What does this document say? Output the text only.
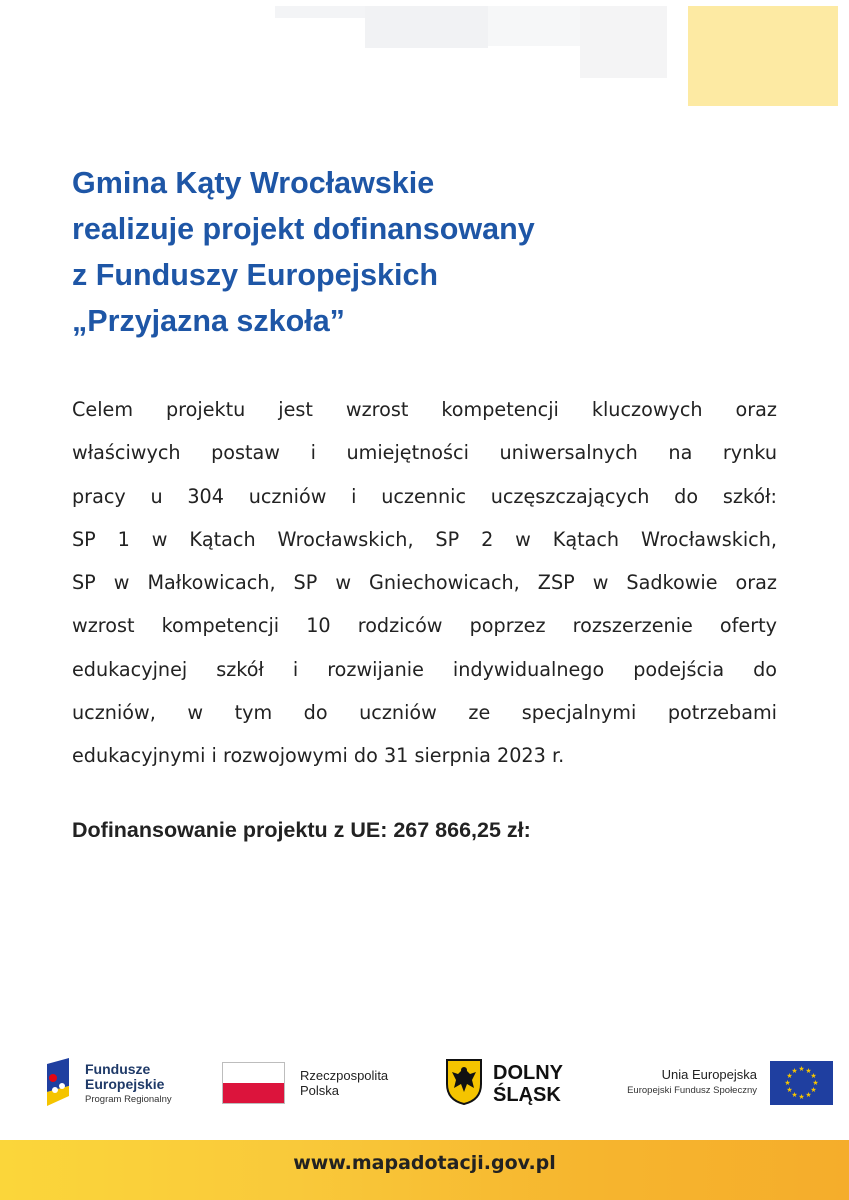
Gmina Kąty Wrocławskie
realizuje projekt dofinansowany
z Funduszy Europejskich
„Przyjazna szkoła”
Celem projektu jest wzrost kompetencji kluczowych oraz
właściwych postaw i umiejętności uniwersalnych na rynku
pracy u 304 uczniów i uczennic uczęszczających do szkół:
SP 1 w Kątach Wrocławskich, SP 2 w Kątach Wrocławskich,
SP w Małkowicach, SP w Gniechowicach, ZSP w Sadkowie oraz
wzrost kompetencji 10 rodziców poprzez rozszerzenie oferty
edukacyjnej szkół i rozwijanie indywidualnego podejścia do
uczniów, w tym do uczniów ze specjalnymi potrzebami
edukacyjnymi i rozwojowymi do 31 sierpnia 2023 r.
Dofinansowanie projektu z UE: 267 866,25 zł:
Fundusze
Europejskie
Program Regionalny
Rzeczpospolita
Polska
DOLNY
ŚLĄSK
Unia Europejska
Europejski Fundusz Społeczny
★ ★
★
★
★
★
★
★
★
★
★
★
www.mapadotacji.gov.pl
